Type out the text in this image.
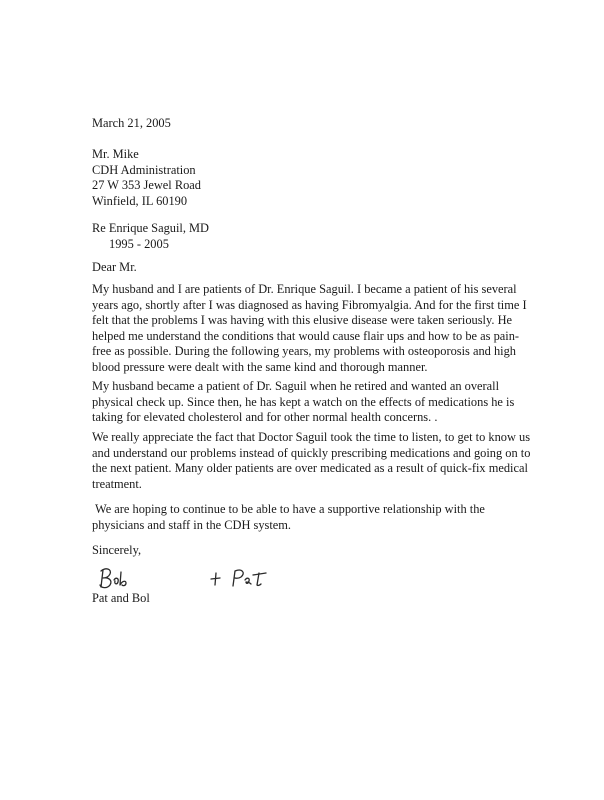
March 21, 2005
Mr. Mike
CDH Administration
27 W 353 Jewel Road
Winfield, IL 60190
Re Enrique Saguil, MD
1995 - 2005
Dear Mr.
My husband and I are patients of Dr. Enrique Saguil. I became a patient of his several
years ago, shortly after I was diagnosed as having Fibromyalgia. And for the first time I
felt that the problems I was having with this elusive disease were taken seriously. He
helped me understand the conditions that would cause flair ups and how to be as pain-
free as possible. During the following years, my problems with osteoporosis and high
blood pressure were dealt with the same kind and thorough manner.
My husband became a patient of Dr. Saguil when he retired and wanted an overall
physical check up. Since then, he has kept a watch on the effects of medications he is
taking for elevated cholesterol and for other normal health concerns. .
We really appreciate the fact that Doctor Saguil took the time to listen, to get to know us
and understand our problems instead of quickly prescribing medications and going on to
the next patient. Many older patients are over medicated as a result of quick-fix medical
treatment.
We are hoping to continue to be able to have a supportive relationship with the
physicians and staff in the CDH system.
Sincerely,
Pat and Bol
